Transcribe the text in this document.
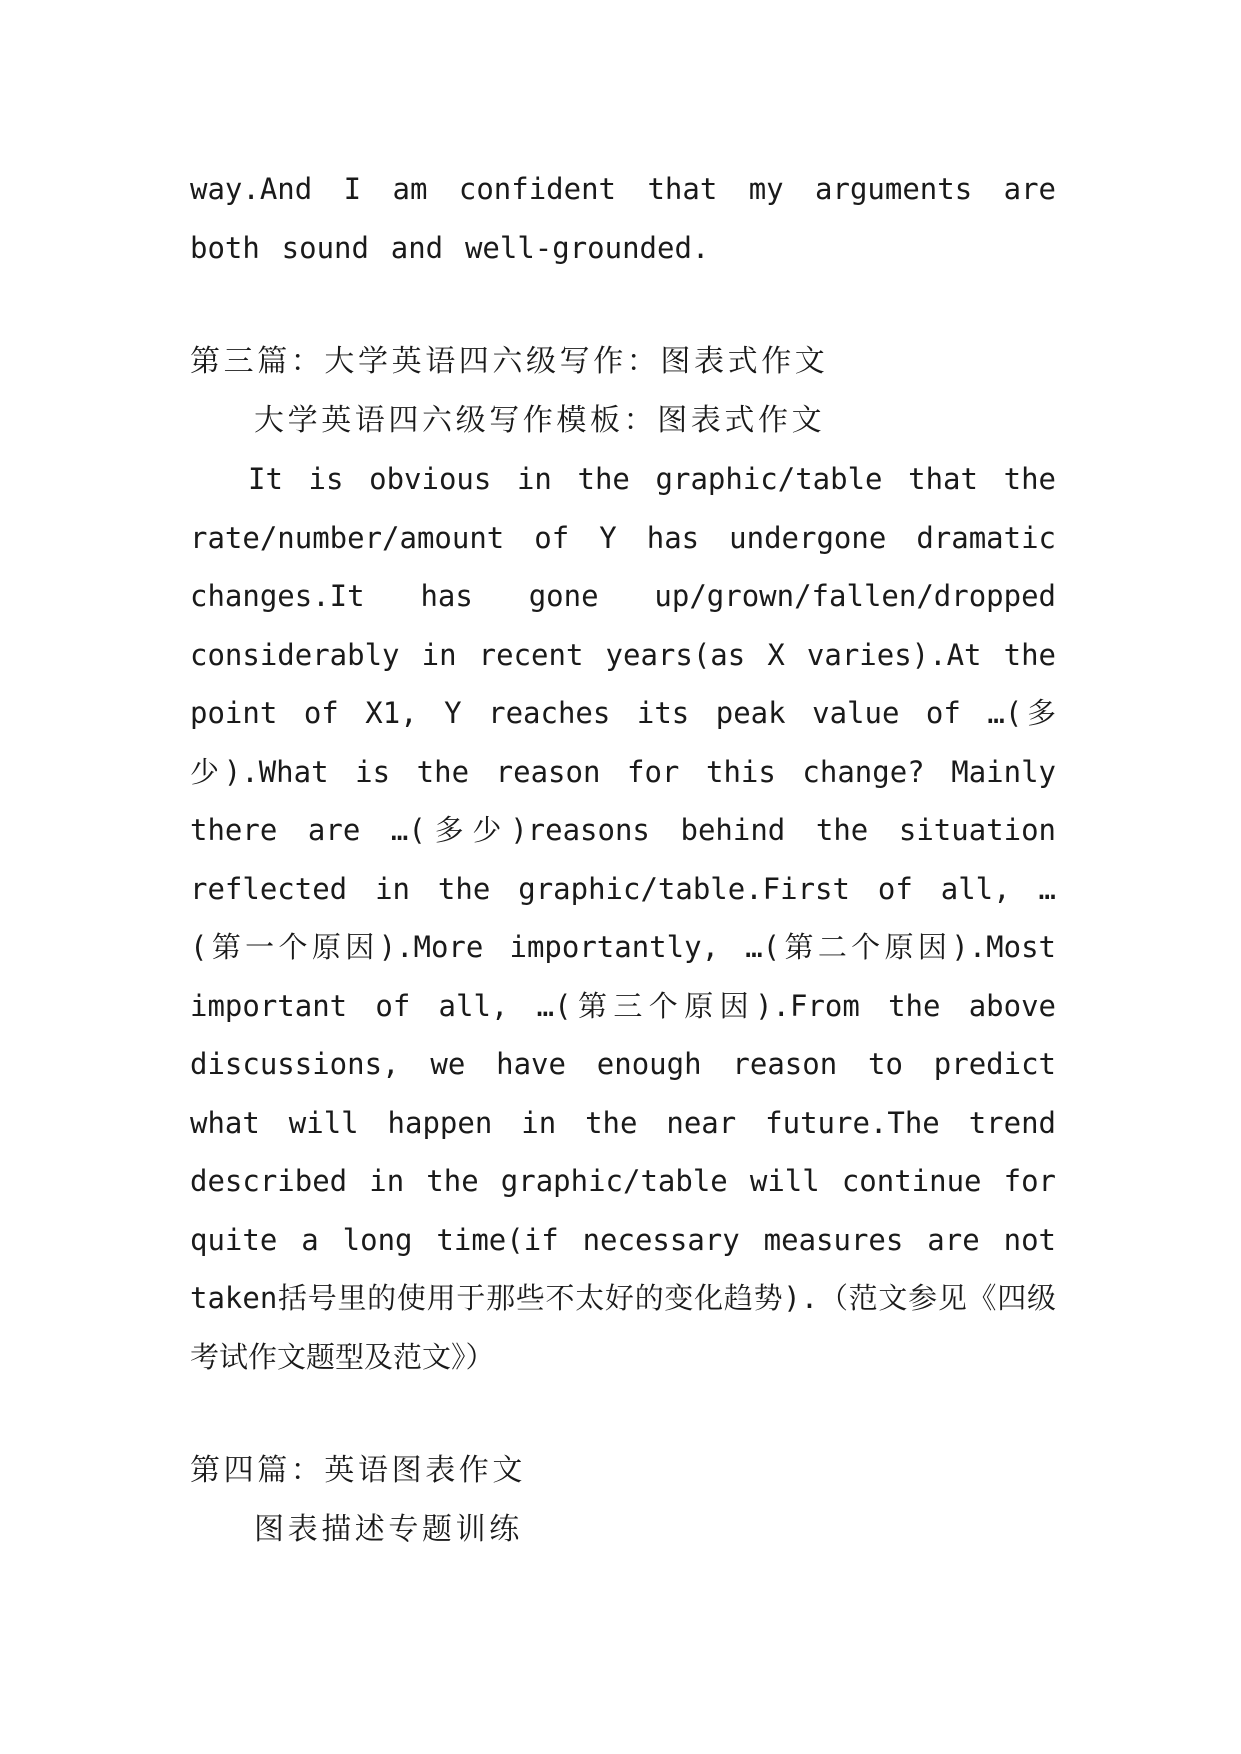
way.And I am confident that my arguments are both sound and well-grounded.

第三篇：大学英语四六级写作：图表式作文

大学英语四六级写作模板：图表式作文

It is obvious in the graphic/table that the rate/number/amount of Y has undergone dramatic changes.It has gone up/grown/fallen/dropped considerably in recent years(as X varies).At the point of X1, Y reaches its peak value of …(多少).What is the reason for this change? Mainly there are …(多少)reasons behind the situation reflected in the graphic/table.First of all, …(第一个原因).More importantly, …(第二个原因).Most important of all, …(第三个原因).From the above discussions, we have enough reason to predict what will happen in the near future.The trend described in the graphic/table will continue for quite a long time(if necessary measures are not taken括号里的使用于那些不太好的变化趋势).（范文参见《四级考试作文题型及范文》）

第四篇：英语图表作文

图表描述专题训练
